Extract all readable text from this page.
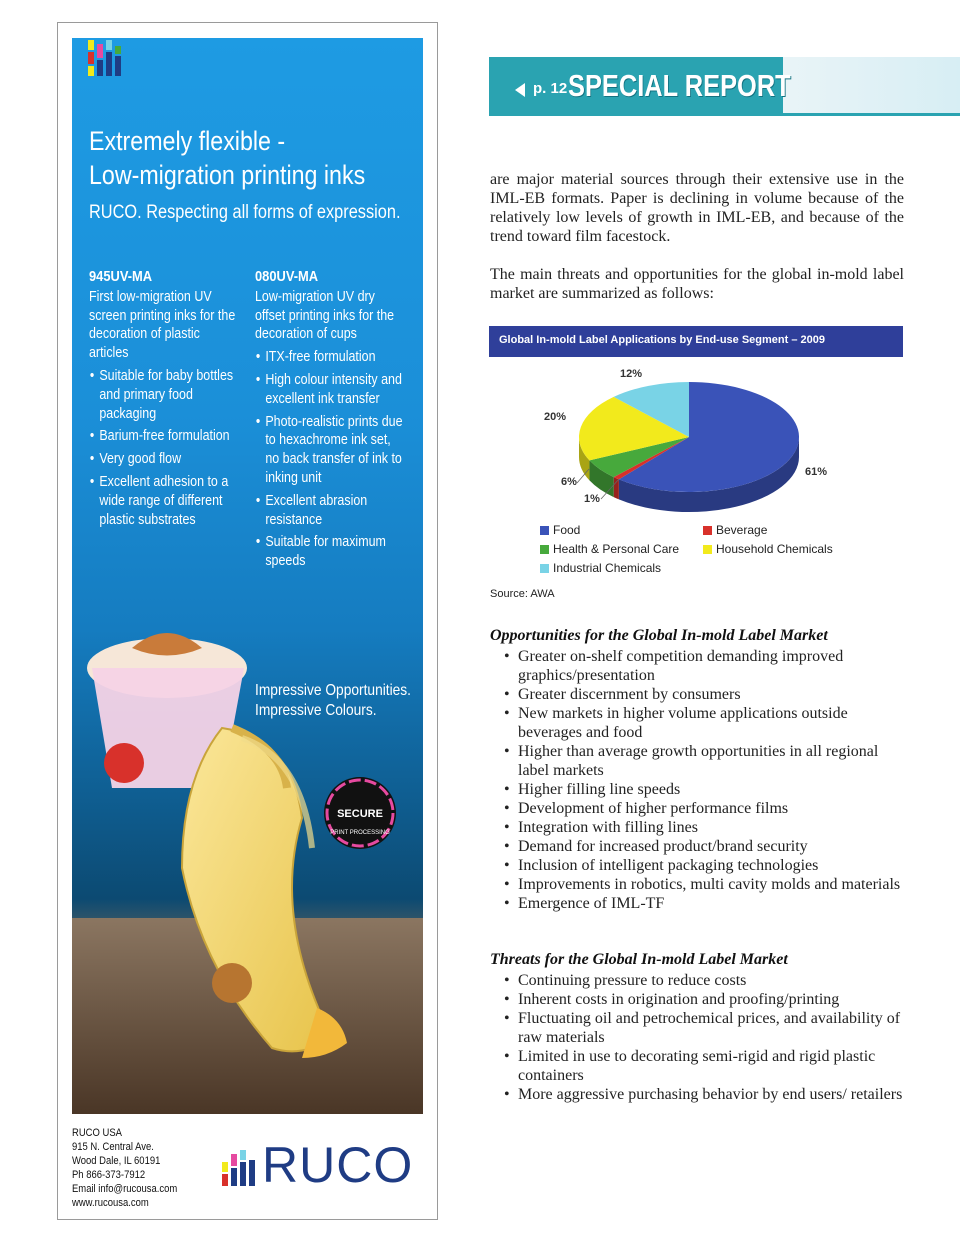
Extremely flexible -
Low-migration printing inks
RUCO. Respecting all forms of expression.
945UV-MA
First low-migration UV screen printing inks for the decoration of plastic articles
• Suitable for baby bottles and primary food packaging
• Barium-free formulation
• Very good flow
• Excellent adhesion to a wide range of different plastic substrates
080UV-MA
Low-migration UV dry offset printing inks for the decoration of cups
• ITX-free formulation
• High colour intensity and excellent ink transfer
• Photo-realistic prints due to hexachrome ink set, no back transfer of ink to inking unit
• Excellent abrasion resistance
• Suitable for maximum speeds
Impressive Opportunities.
Impressive Colours.
SECURE
PRINT PROCESSING
RUCO USA
915 N. Central Ave.
Wood Dale, IL 60191
Ph 866-373-7912
Email info@rucousa.com
www.rucousa.com
RUCO
p. 12 SPECIAL REPORT

are major material sources through their extensive use in the IML-EB formats. Paper is declining in volume because of the relatively low levels of growth in IML-EB, and because of the trend toward film facestock.

The main threats and opportunities for the global in-mold label market are summarized as follows:

Global In-mold Label Applications by End-use Segment – 2009
61%
1%
6%
20%
12%
Food	Beverage
Health & Personal Care	Household Chemicals
Industrial Chemicals
Source: AWA
Opportunities for the Global In-mold Label Market
• Greater on-shelf competition demanding improved graphics/presentation
• Greater discernment by consumers
• New markets in higher volume applications outside beverages and food
• Higher than average growth opportunities in all regional label markets
• Higher filling line speeds
• Development of higher performance films
• Integration with filling lines
• Demand for increased product/brand security
• Inclusion of intelligent packaging technologies
• Improvements in robotics, multi cavity molds and materials
• Emergence of IML-TF
Threats for the Global In-mold Label Market
• Continuing pressure to reduce costs
• Inherent costs in origination and proofing/printing
• Fluctuating oil and petrochemical prices, and availability of raw materials
• Limited in use to decorating semi-rigid and rigid plastic containers
• More aggressive purchasing behavior by end users/ retailers
